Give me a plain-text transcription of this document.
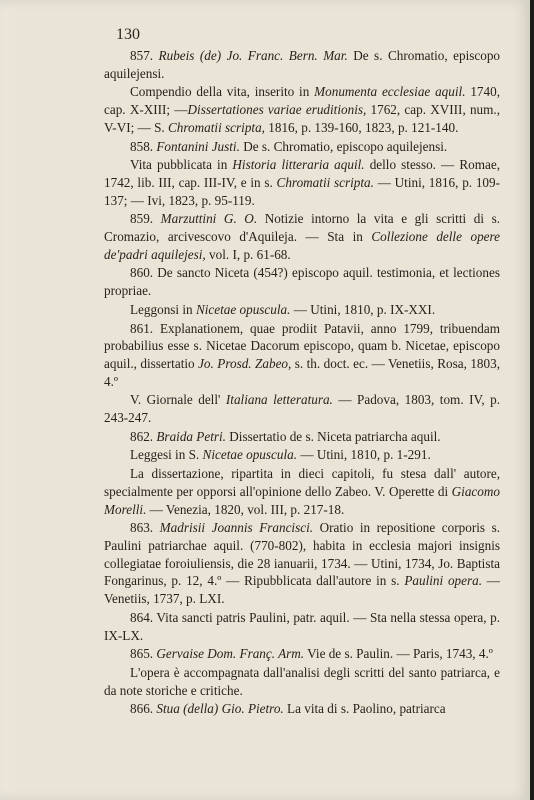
130

857. Rubeis (de) Jo. Franc. Bern. Mar. De s. Chromatio, episcopo aquilejensi.

Compendio della vita, inserito in Monumenta ecclesiae aquil. 1740, cap. X-XIII; —Dissertationes variae eruditionis, 1762, cap. XVIII, num., V-VI; — S. Chromatii scripta, 1816, p. 139-160, 1823, p. 121-140.

858. Fontanini Justi. De s. Chromatio, episcopo aquilejensi.

Vita pubblicata in Historia litteraria aquil. dello stesso. — Romae, 1742, lib. III, cap. III-IV, e in s. Chromatii scripta. — Utini, 1816, p. 109-137; — Ivi, 1823, p. 95-119.

859. Marzuttini G. O. Notizie intorno la vita e gli scritti di s. Cromazio, arcivescovo d'Aquileja. — Sta in Collezione delle opere de'padri aquilejesi, vol. I, p. 61-68.

860. De sancto Niceta (454?) episcopo aquil. testimonia, et lectiones propriae.

Leggonsi in Nicetae opuscula. — Utini, 1810, p. IX-XXI.

861. Explanationem, quae prodiit Patavii, anno 1799, tribuendam probabilius esse s. Nicetae Dacorum episcopo, quam b. Nicetae, episcopo aquil., dissertatio Jo. Prosd. Zabeo, s. th. doct. ec. — Venetiis, Rosa, 1803, 4.º

V. Giornale dell' Italiana letteratura. — Padova, 1803, tom. IV, p. 243-247.

862. Braida Petri. Dissertatio de s. Niceta patriarcha aquil.

Leggesi in S. Nicetae opuscula. — Utini, 1810, p. 1-291.

La dissertazione, ripartita in dieci capitoli, fu stesa dall' autore, specialmente per opporsi all'opinione dello Zabeo. V. Operette di Giacomo Morelli. — Venezia, 1820, vol. III, p. 217-18.

863. Madrisii Joannis Francisci. Oratio in repositione corporis s. Paulini patriarchae aquil. (770-802), habita in ecclesia majori insignis collegiatae foroiuliensis, die 28 ianuarii, 1734. — Utini, 1734, Jo. Baptista Fongarinus, p. 12, 4.º — Ripubblicata dall'autore in s. Paulini opera. — Venetiis, 1737, p. LXI.

864. Vita sancti patris Paulini, patr. aquil. — Sta nella stessa opera, p. IX-LX.

865. Gervaise Dom. Franç. Arm. Vie de s. Paulin. — Paris, 1743, 4.º

L'opera è accompagnata dall'analisi degli scritti del santo patriarca, e da note storiche e critiche.

866. Stua (della) Gio. Pietro. La vita di s. Paolino, patriarca
